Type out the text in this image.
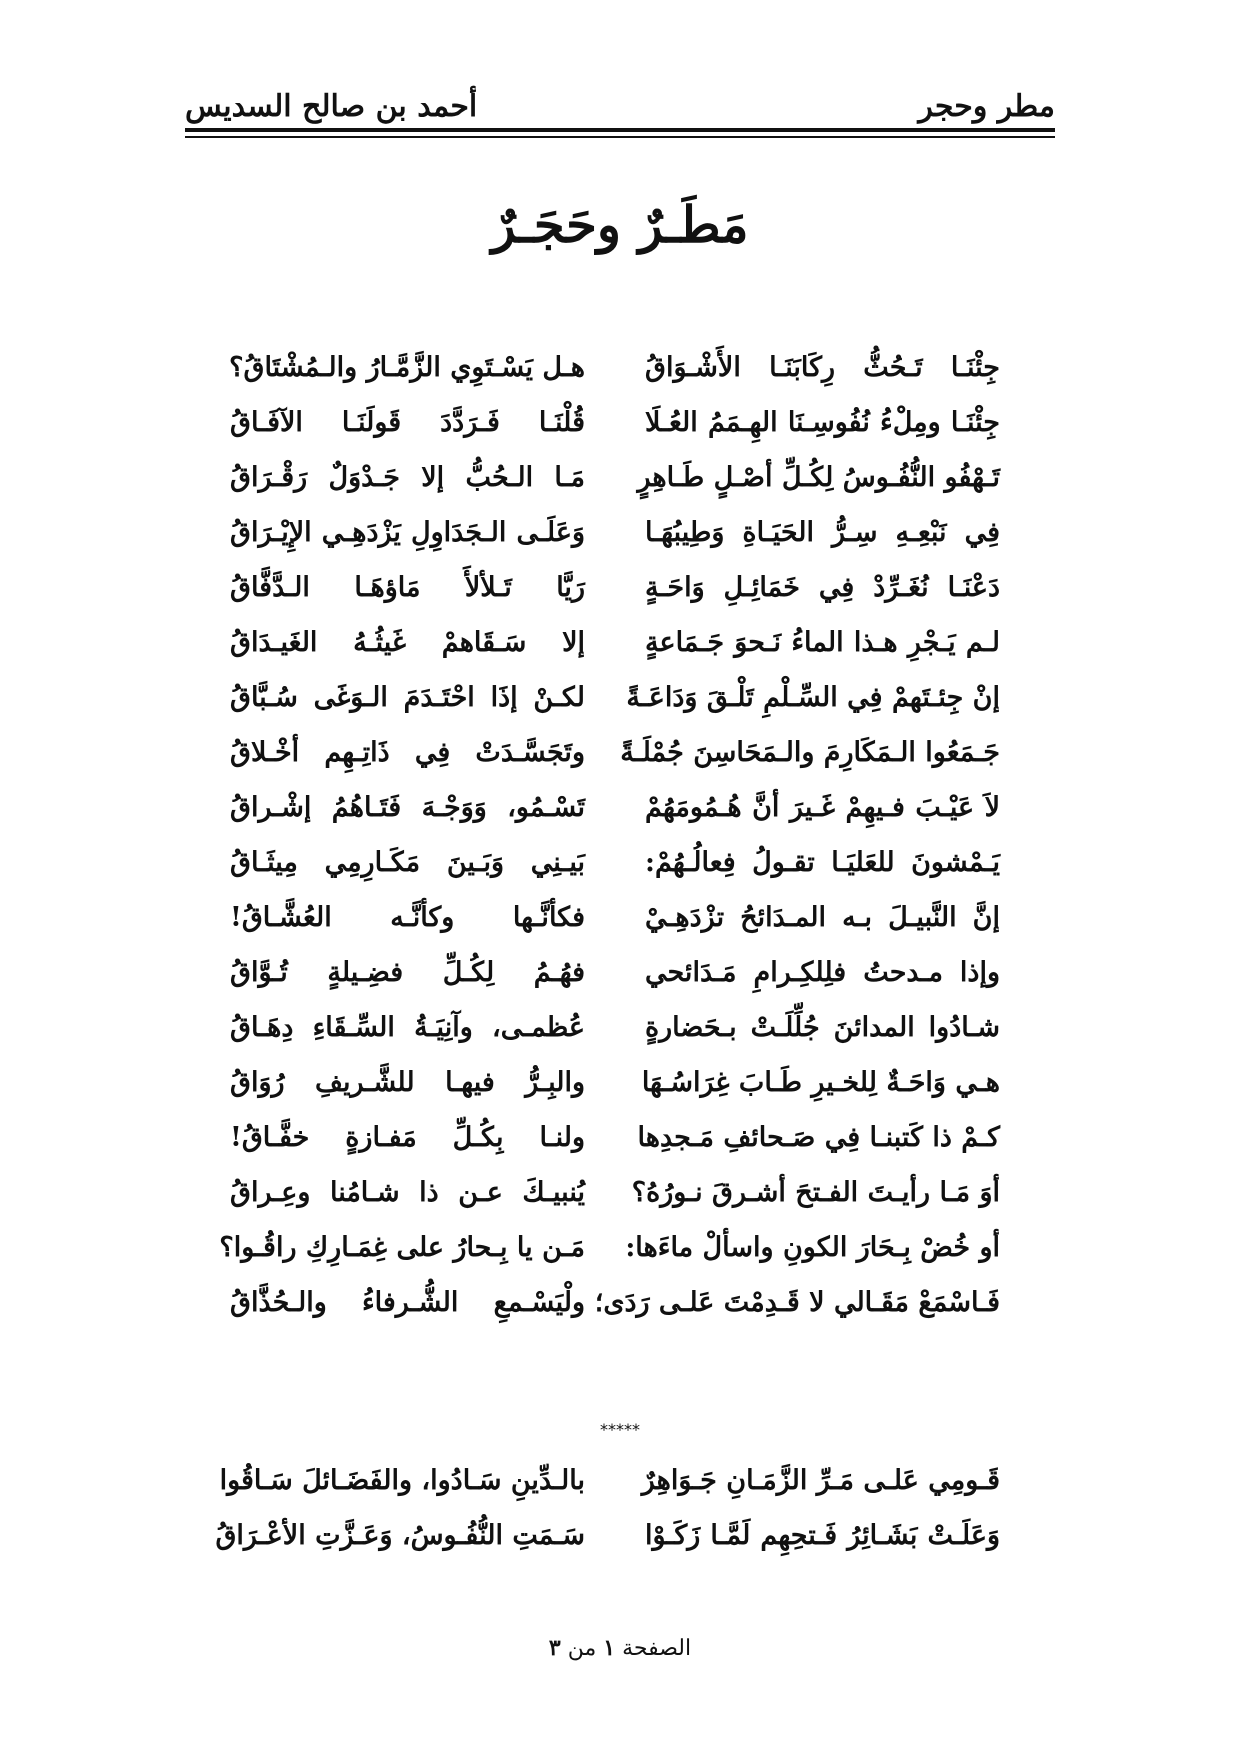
مطر وحجر
أحمد بن صالح السديس
مَطَـرٌ وحَجَـرٌ
جِئْنَـا تَـحُثُّ رِكَابَنَـا الأَشْـوَاقُ
هـل يَسْـتَوِي الزَّمَّـارُ والـمُشْتَاقُ؟
جِئْنَـا ومِلْءُ نُفُوسِـنَا الهِـمَمُ العُـلَا
قُلْنَـا فَـرَدَّدَ قَولَنَـا الآفَـاقُ
تَـهْفُو النُّفُـوسُ لِكُـلِّ أصْـلٍ طَـاهِرٍ
مَـا الـحُبُّ إلا جَـدْوَلٌ رَقْـرَاقُ
فِي نَبْعِـهِ سِـرُّ الحَيَـاةِ وَطِيبُهَـا
وَعَلَـى الـجَدَاوِلِ يَزْدَهِـي الإِيْـرَاقُ
دَعْنَـا نُغَـرِّدْ فِي خَمَائِـلِ وَاحَـةٍ
رَيَّا تَـلألأَ مَاؤهَـا الـدَّفَّاقُ
لـم يَـجْرِ هـذا الماءُ نَـحوَ جَـمَاعةٍ
إلا سَـقَاهمْ غَيثُـهُ الغَيـدَاقُ
إنْ جِئـتَهمْ فِي السِّـلْمِ تَلْـقَ وَدَاعَـةً
لكـنْ إذَا احْتَـدَمَ الـوَغَى سُـبَّاقُ
جَـمَعُوا الـمَكَارِمَ والـمَحَاسِنَ جُمْلَـةً
وتَجَسَّـدَتْ فِي ذَاتِـهِم أخْـلاقُ
لاَ عَيْـبَ فـيهِمْ غَـيرَ أنَّ هُـمُومَهُمْ
تَسْـمُو، وَوَجْـهَ فَتَـاهُمُ إشْـراقُ
يَـمْشونَ للعَليَـا تقـولُ فِعالُـهُمْ:
بَيـنِي وَبَـينَ مَكَـارِمِي مِيثَـاقُ
إنَّ النَّبيـلَ بـه المـدَائحُ تزْدَهِـيْ
فكأنَّـها وكأنَّـه العُشَّـاقُ!
وإذا مـدحتُ فلِلكِـرامِ مَـدَائحي
فهُـمُ لِكُـلِّ فضِـيلةٍ تُـوَّاقُ
شـادُوا المدائنَ جُلِّلَـتْ بـحَضارةٍ
عُظمـى، وآنِيَـةُ السِّـقَاءِ دِهَـاقُ
هـي وَاحَـةٌ لِلخـيرِ طَـابَ غِرَاسُـهَا
والبِـرُّ فيهـا للشَّـريفِ رُوَاقُ
كـمْ ذا كَتبنـا فِي صَـحائفِ مَـجدِها
ولنـا بِكُـلِّ مَفـازةٍ خفَّـاقُ!
أوَ مَـا رأيـتَ الفـتحَ أشـرقَ نـورُهُ؟
يُنبيـكَ عـن ذا شـامُنا وعِـراقُ
أو خُضْ بِـحَارَ الكونِ واسألْ ماءَها:
مَـن يا بِـحارُ على غِمَـارِكِ راقُـوا؟
فَـاسْمَعْ مَقَـالي لا قَـدِمْتَ عَلـى رَدَى؛
ولْيَسْـمعِ الشُّـرفاءُ والـحُذَّاقُ
*****
قَـومِي عَلـى مَـرِّ الزَّمَـانِ جَـوَاهِرٌ
بالـدِّينِ سَـادُوا، والفَضَـائلَ سَـاقُوا
وَعَلَـتْ بَشَـائِرُ فَـتحِهِم لَمَّـا زَكَـوْا
سَـمَتِ النُّفُـوسُ، وَعَـزَّتِ الأعْـرَاقُ
الصفحة ١ من ٣
